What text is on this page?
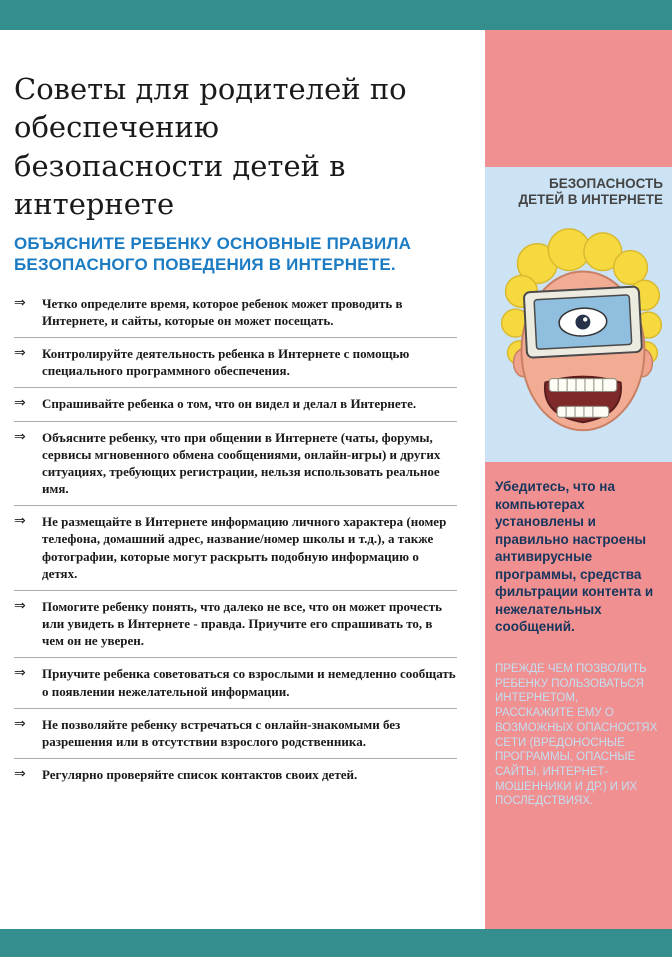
Советы для родителей по обеспечению безопасности детей в интернете
ОБЪЯСНИТЕ РЕБЕНКУ ОСНОВНЫЕ ПРАВИЛА БЕЗОПАСНОГО ПОВЕДЕНИЯ В ИНТЕРНЕТЕ.
⇒	Четко определите время, которое ребенок может проводить в Интернете, и сайты, которые он может посещать.
⇒	Контролируйте деятельность ребенка в Интернете с помощью специального программного обеспечения.
⇒	Спрашивайте ребенка о том, что он видел и делал в Интернете.
⇒	Объясните ребенку, что при общении в Интернете (чаты, форумы, сервисы мгновенного обмена сообщениями, онлайн-игры) и других ситуациях, требующих регистрации, нельзя использовать реальное имя.
⇒	Не размещайте в Интернете информацию личного характера (номер телефона, домашний адрес, название/номер школы и т.д.), а также фотографии, которые могут раскрыть подобную информацию о детях.
⇒	Помогите ребенку понять, что далеко не все, что он может прочесть или увидеть в Интернете - правда. Приучите его спрашивать то, в чем он не уверен.
⇒	Приучите ребенка советоваться со взрослыми и немедленно сообщать о появлении нежелательной информации.
⇒	Не позволяйте ребенку встречаться с онлайн-знакомыми без разрешения или в отсутствии взрослого родственника.
⇒	Регулярно проверяйте список контактов своих детей.
БЕЗОПАСНОСТЬ ДЕТЕЙ В ИНТЕРНЕТЕ

Убедитесь, что на компьютерах установлены и правильно настроены антивирусные программы, средства фильтрации контента и нежелательных сообщений.

ПРЕЖДЕ ЧЕМ ПОЗВОЛИТЬ РЕБЕНКУ ПОЛЬЗОВАТЬСЯ ИНТЕРНЕТОМ, РАССКАЖИТЕ ЕМУ О ВОЗМОЖНЫХ ОПАСНОСТЯХ СЕТИ (ВРЕДОНОСНЫЕ ПРОГРАММЫ, ОПАСНЫЕ САЙТЫ, ИНТЕРНЕТ-МОШЕННИКИ И ДР.) И ИХ ПОСЛЕДСТВИЯХ.
